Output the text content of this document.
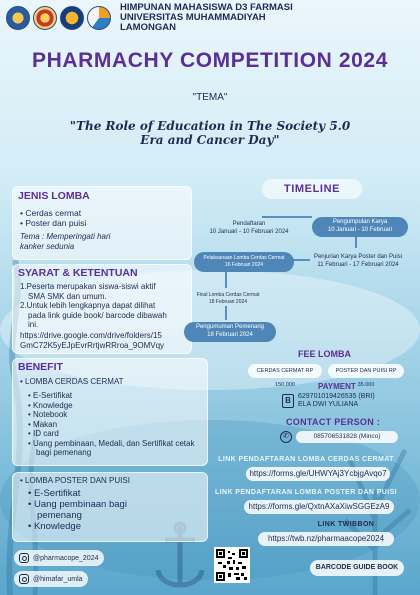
HIMPUNAN MAHASISWA D3 FARMASI
UNIVERSITAS MUHAMMADIYAH
LAMONGAN
PHARMACHY COMPETITION 2024
"TEMA"
"The Role of Education in The Society 5.0
Era and Cancer Day"
JENIS LOMBA
• Cerdas cermat
• Poster dan puisi
Tema : Memperingati hari
kanker sedunia
SYARAT & KETENTUAN
1.Peserta merupakan siswa-siswi aktif
SMA SMK dan umum.
2.Untuk lebih lengkapnya dapat dilihat
pada link guide book/ barcode dibawah
ini.
https://drive.google.com/drive/folders/15
GmC72K5yEJpEvrRrtjwRRroa_9OMVqy
BENEFIT
• LOMBA CERDAS CERMAT
• E-Sertifikat
• Knowledge
• Notebook
• Makan
• ID card
• Uang pembinaan, Medali, dan Sertifikat cetak
bagi pemenang
• LOMBA POSTER DAN PUISI
• E-Sertifikat
• Uang pembinaan bagi
pemenang
• Knowledge
TIMELINE
Pendaftaran
10 Januari - 10 Februari 2024
Pengumpulan Karya
10 Januari - 10 Februari
Pelaksanaan Lomba Cerdas Cermat
16 Februari 2024
Penjurian Karya Poster dan Puisi
11 Februari - 17 Februari 2024
Final Lomba Cerdas Cermat
18 Februari 2024
Pengumuman Pemenang
18 Februari 2024
FEE LOMBA
CERDAS CERMAT RP 150.000
POSTER DAN PUISI RP 35.000
PAYMENT
B	629701019426535 (BRI)
ELA DWI YULIANA
CONTACT PERSON :
✆	085706531828 (Minco)
LINK PENDAFTARAN LOMBA CERDAS CERMAT
https://forms.gle/UHWYAj3YcbjgAvqo7
LINK PENDAFTARAN LOMBA POSTER DAN PUISI
https://forms.gle/QxtnAXaXiwSGGEzA9
LINK TWIBBON
https://twb.nz/pharmaacope2024
@pharmacope_2024
@himafar_umla
BARCODE GUIDE BOOK
